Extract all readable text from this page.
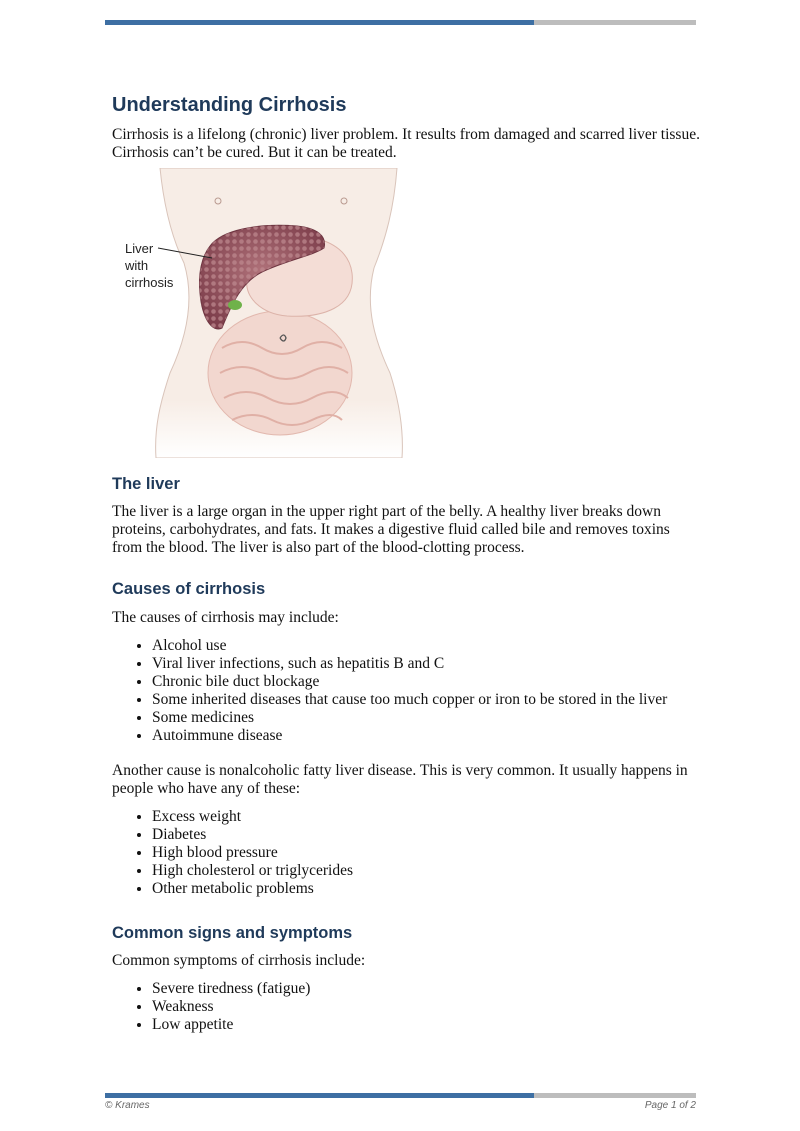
Understanding Cirrhosis

Cirrhosis is a lifelong (chronic) liver problem. It results from damaged and scarred liver tissue. Cirrhosis can’t be cured. But it can be treated.

Liver
with
cirrhosis
The liver

The liver is a large organ in the upper right part of the belly. A healthy liver breaks down proteins, carbohydrates, and fats. It makes a digestive fluid called bile and removes toxins from the blood. The liver is also part of the blood-clotting process.

Causes of cirrhosis

The causes of cirrhosis may include:

• Alcohol use
• Viral liver infections, such as hepatitis B and C
• Chronic bile duct blockage
• Some inherited diseases that cause too much copper or iron to be stored in the liver
• Some medicines
• Autoimmune disease

Another cause is nonalcoholic fatty liver disease. This is very common. It usually happens in people who have any of these:

• Excess weight
• Diabetes
• High blood pressure
• High cholesterol or triglycerides
• Other metabolic problems
Common signs and symptoms

Common symptoms of cirrhosis include:

• Severe tiredness (fatigue)
• Weakness
• Low appetite
© Krames	Page 1 of 2
